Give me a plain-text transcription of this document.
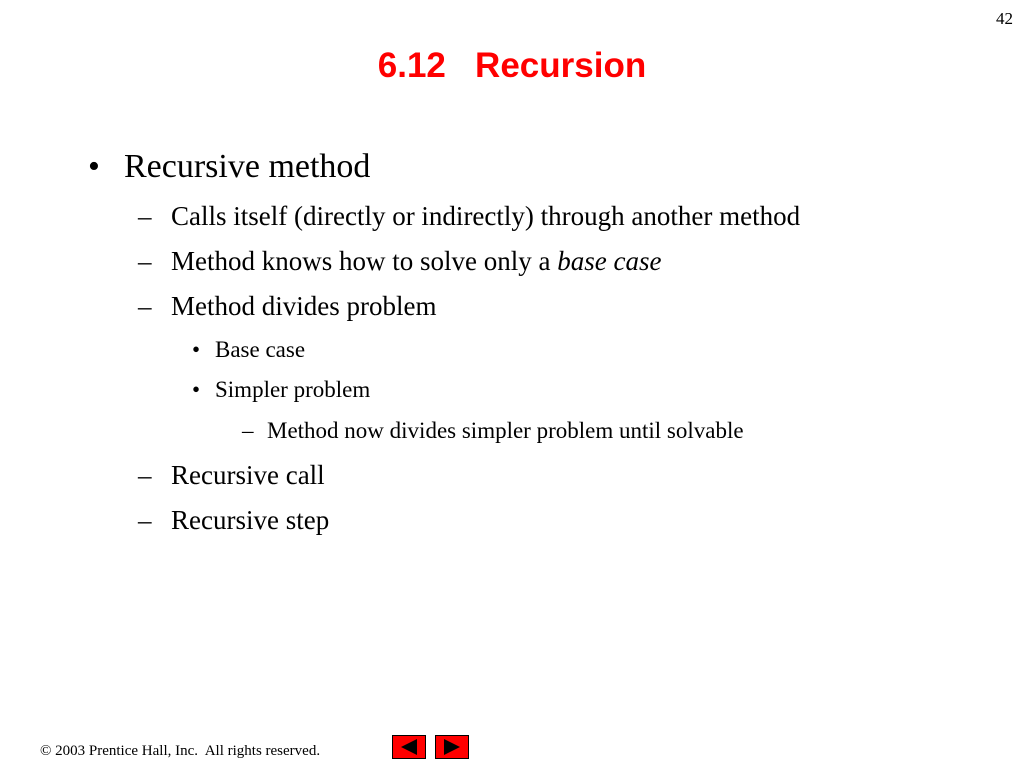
42
6.12   Recursion
• Recursive method
– Calls itself (directly or indirectly) through another method
– Method knows how to solve only a base case
– Method divides problem
• Base case
• Simpler problem
– Method now divides simpler problem until solvable
– Recursive call
– Recursive step
© 2003 Prentice Hall, Inc.  All rights reserved.
